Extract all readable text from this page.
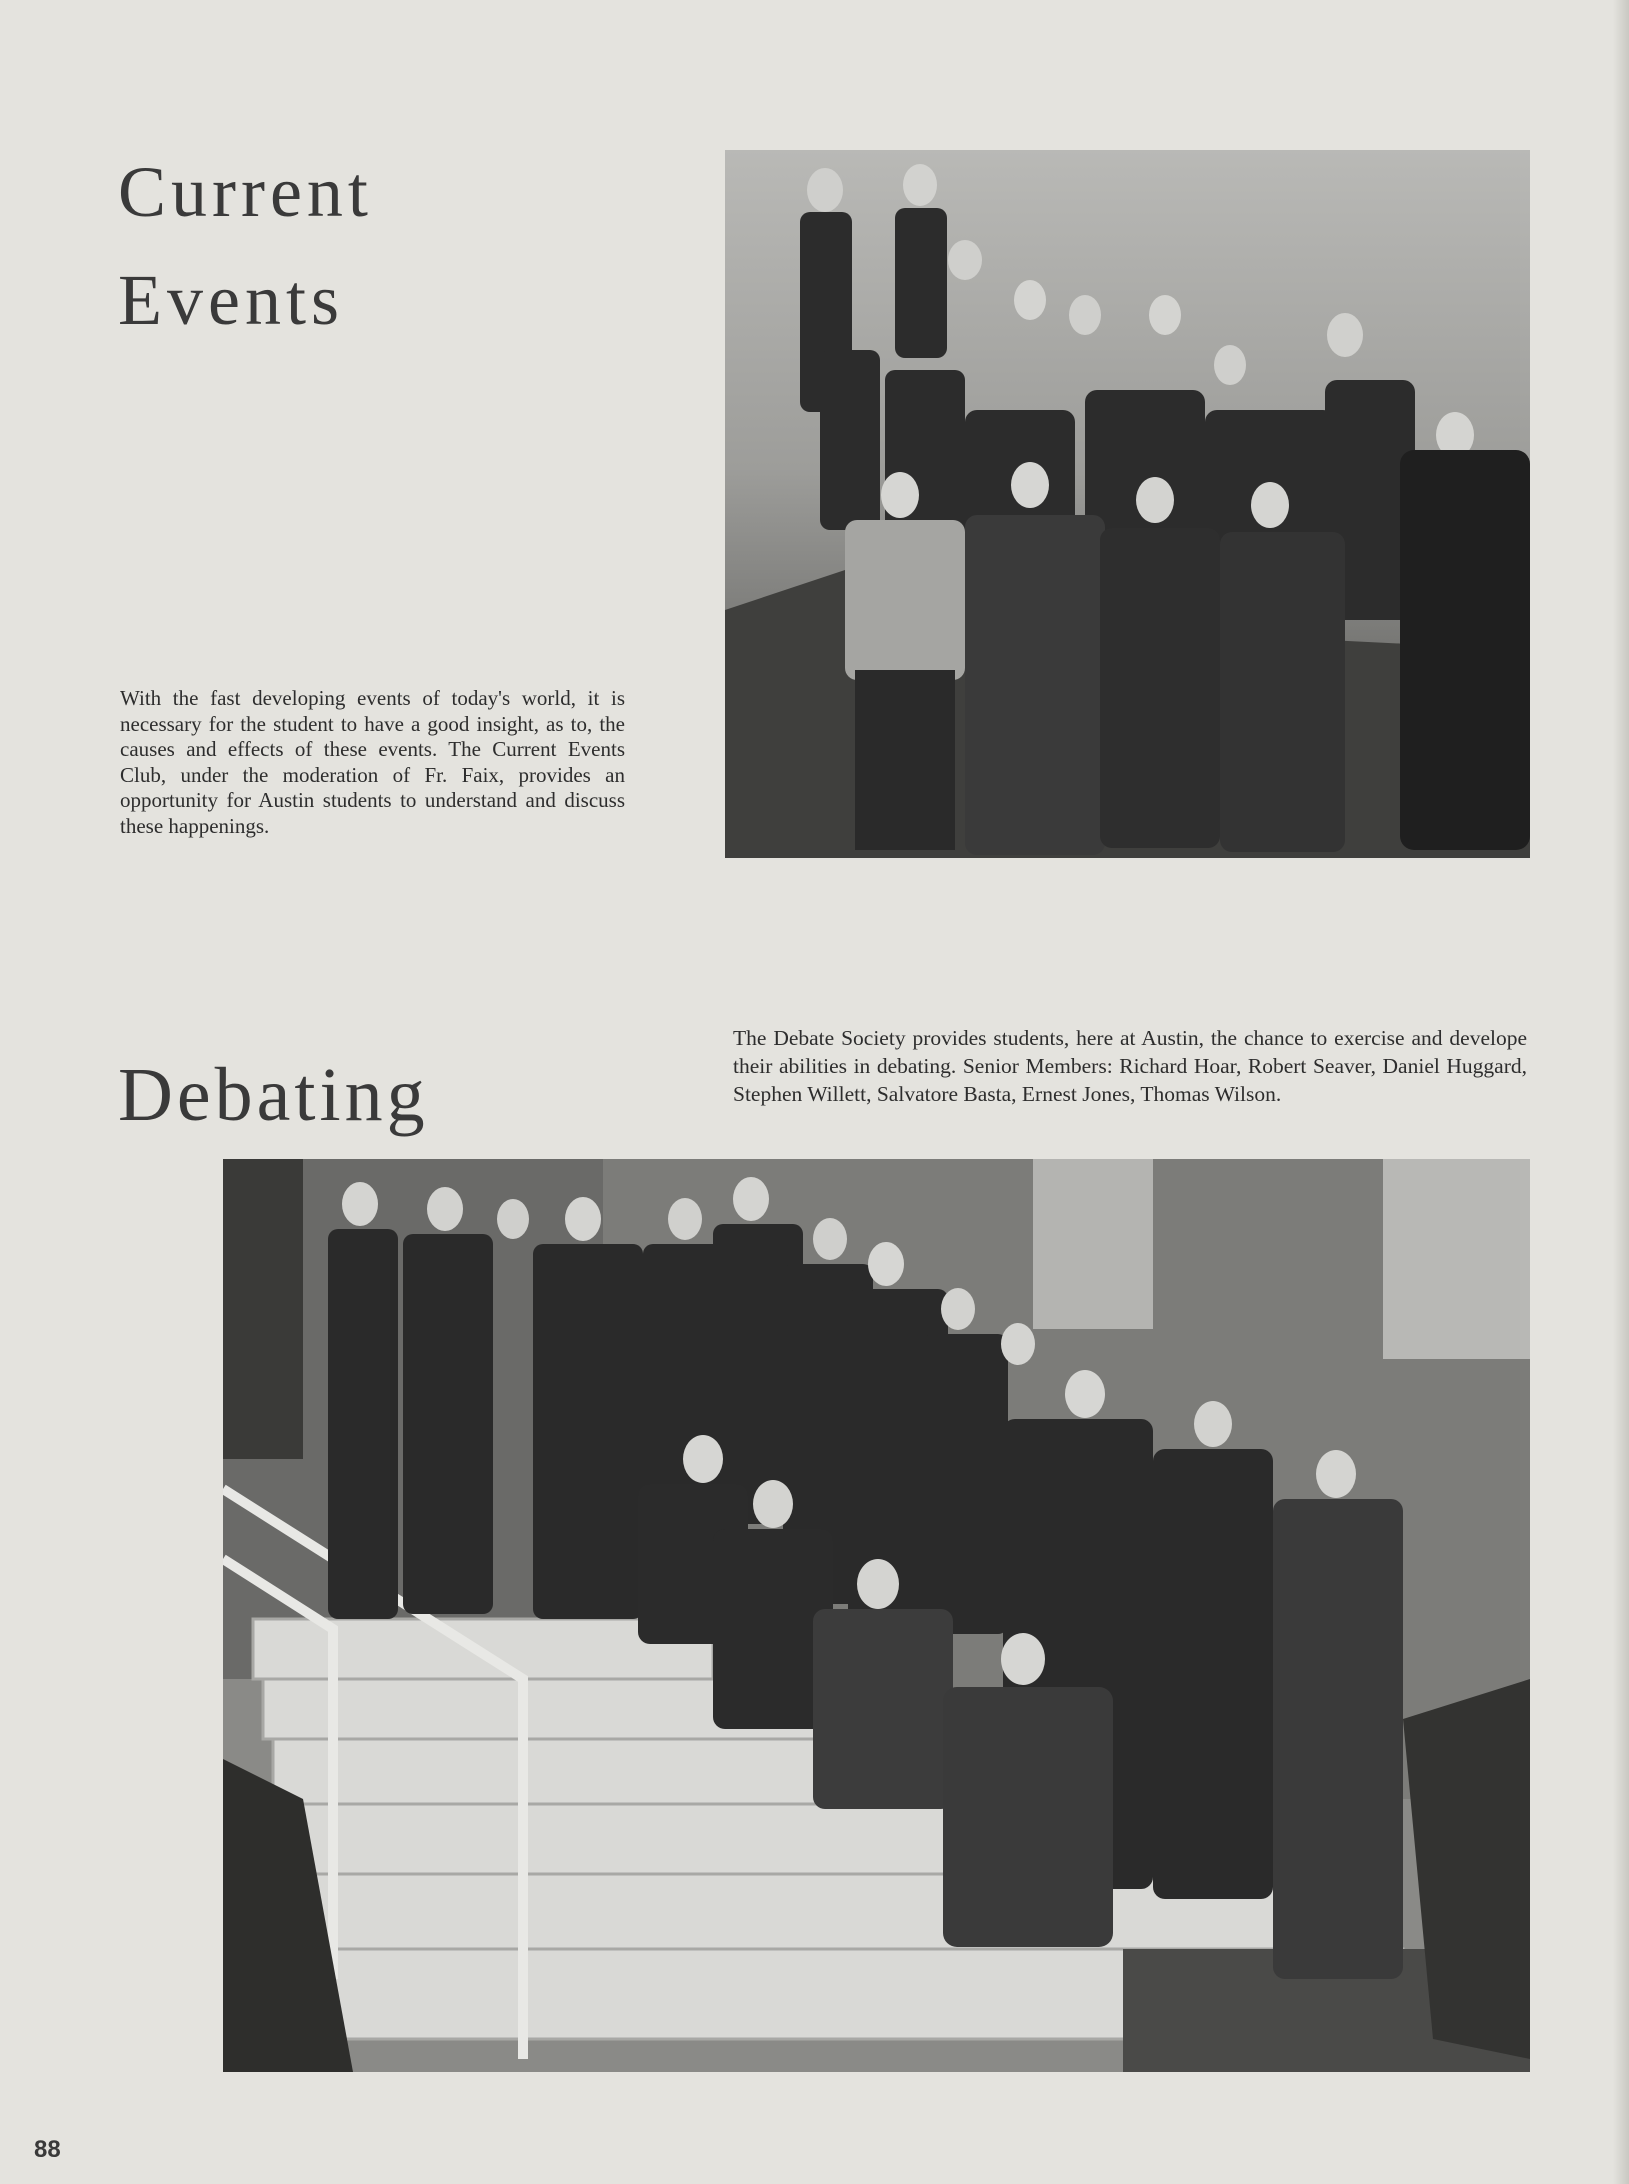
Current
Events

With the fast developing events of today's world, it is necessary for the student to have a good insight, as to, the causes and effects of these events. The Current Events Club, under the moderation of Fr. Faix, provides an opportunity for Austin students to understand and discuss these happenings.

Debating

The Debate Society provides students, here at Austin, the chance to exercise and develope their abilities in debating. Senior Members: Richard Hoar, Robert Seaver, Daniel Huggard, Stephen Willett, Salvatore Basta, Ernest Jones, Thomas Wilson.

88
